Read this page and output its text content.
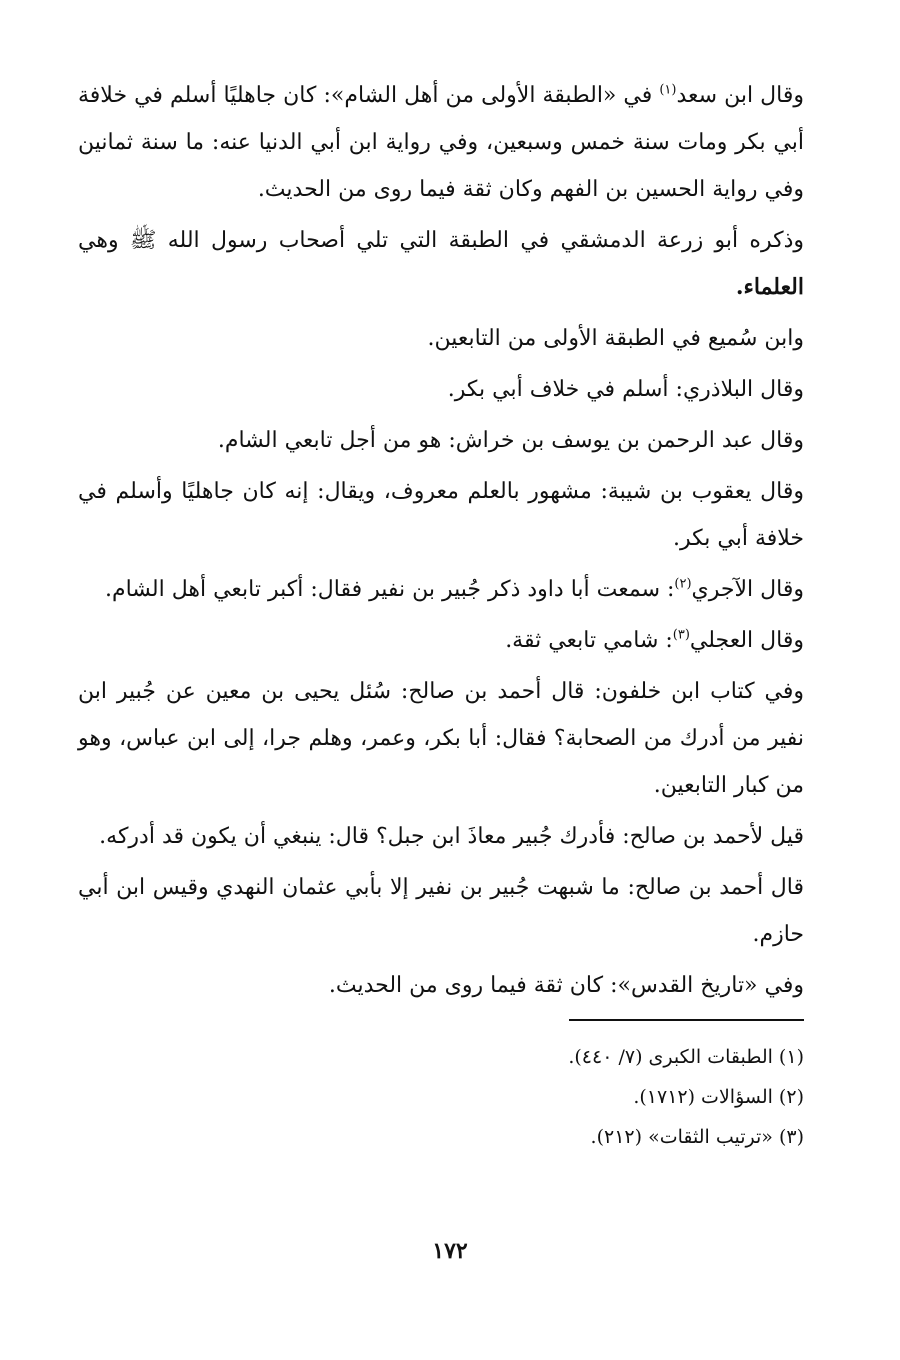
وقال ابن سعد$^{(١)}$ في «الطبقة الأولى من أهل الشام»: كان جاهليًا أسلم في خلافة أبي بكر ومات سنة خمس وسبعين، وفي رواية ابن أبي الدنيا عنه: ما سنة ثمانين وفي رواية الحسين بن الفهم وكان ثقة فيما روى من الحديث.

وذكره أبو زرعة الدمشقي في الطبقة التي تلي أصحاب رسول الله ﷺ وهي العلماء.

وابن سُميع في الطبقة الأولى من التابعين.

وقال البلاذري: أسلم في خلاف أبي بكر.

وقال عبد الرحمن بن يوسف بن خراش: هو من أجل تابعي الشام.

وقال يعقوب بن شيبة: مشهور بالعلم معروف، ويقال: إنه كان جاهليًا وأسلم في خلافة أبي بكر.

وقال الآجري$^{(٢)}$: سمعت أبا داود ذكر جُبير بن نفير فقال: أكبر تابعي أهل الشام.

وقال العجلي$^{(٣)}$: شامي تابعي ثقة.

وفي كتاب ابن خلفون: قال أحمد بن صالح: سُئل يحيى بن معين عن جُبير ابن نفير من أدرك من الصحابة؟ فقال: أبا بكر، وعمر، وهلم جرا، إلى ابن عباس، وهو من كبار التابعين.

قيل لأحمد بن صالح: فأدرك جُبير معاذَ ابن جبل؟ قال: ينبغي أن يكون قد أدركه.

قال أحمد بن صالح: ما شبهت جُبير بن نفير إلا بأبي عثمان النهدي وقيس ابن أبي حازم.

وفي «تاريخ القدس»: كان ثقة فيما روى من الحديث.

(١) الطبقات الكبرى (٧/ ٤٤٠).

(٢) السؤالات (١٧١٢).

(٣) «ترتيب الثقات» (٢١٢).

١٧٢
